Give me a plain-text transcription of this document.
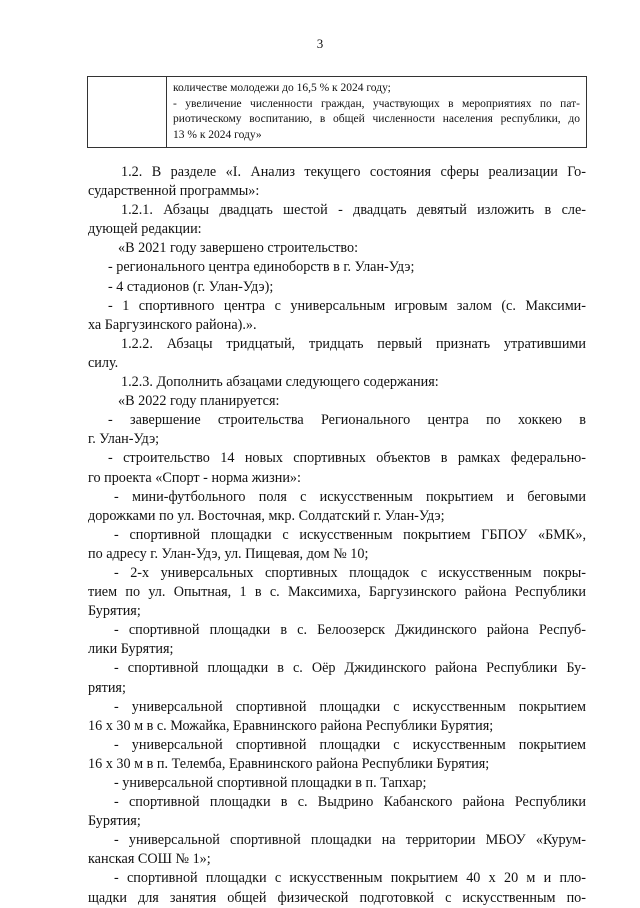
3
количестве молодежи до 16,5 % к 2024 году;
- увеличение численности граждан, участвующих в мероприятиях по пат-
риотическому воспитанию, в общей численности населения республики, до
13 % к 2024 году»
1.2. В разделе «I. Анализ текущего состояния сферы реализации Го-
сударственной программы»:
1.2.1. Абзацы двадцать шестой - двадцать девятый изложить в сле-
дующей редакции:
«В 2021 году завершено строительство:
- регионального центра единоборств в г. Улан-Удэ;
- 4 стадионов (г. Улан-Удэ);
- 1 спортивного центра с универсальным игровым залом (с. Максими-
ха Баргузинского района).».
1.2.2. Абзацы тридцатый, тридцать первый признать утратившими
силу.
1.2.3. Дополнить абзацами следующего содержания:
«В 2022 году планируется:
- завершение строительства Регионального центра по хоккею в
г. Улан-Удэ;
- строительство 14 новых спортивных объектов в рамках федерально-
го проекта «Спорт - норма жизни»:
- мини-футбольного поля с искусственным покрытием и беговыми
дорожками по ул. Восточная, мкр. Солдатский г. Улан-Удэ;
- спортивной площадки с искусственным покрытием ГБПОУ «БМК»,
по адресу г. Улан-Удэ, ул. Пищевая, дом № 10;
- 2-х универсальных спортивных площадок с искусственным покры-
тием по ул. Опытная, 1 в с. Максимиха, Баргузинского района Республики
Бурятия;
- спортивной площадки в с. Белоозерск Джидинского района Респуб-
лики Бурятия;
- спортивной площадки в с. Оёр Джидинского района Республики Бу-
рятия;
- универсальной спортивной площадки с искусственным покрытием
16 х 30 м в с. Можайка, Еравнинского района Республики Бурятия;
- универсальной спортивной площадки с искусственным покрытием
16 х 30 м в п. Телемба, Еравнинского района Республики Бурятия;
- универсальной спортивной площадки в п. Тапхар;
- спортивной площадки в с. Выдрино Кабанского района Республики
Бурятия;
- универсальной спортивной площадки на территории МБОУ «Курум-
канская СОШ № 1»;
- спортивной площадки с искусственным покрытием 40 х 20 м и пло-
щадки для занятия общей физической подготовкой с искусственным по-
